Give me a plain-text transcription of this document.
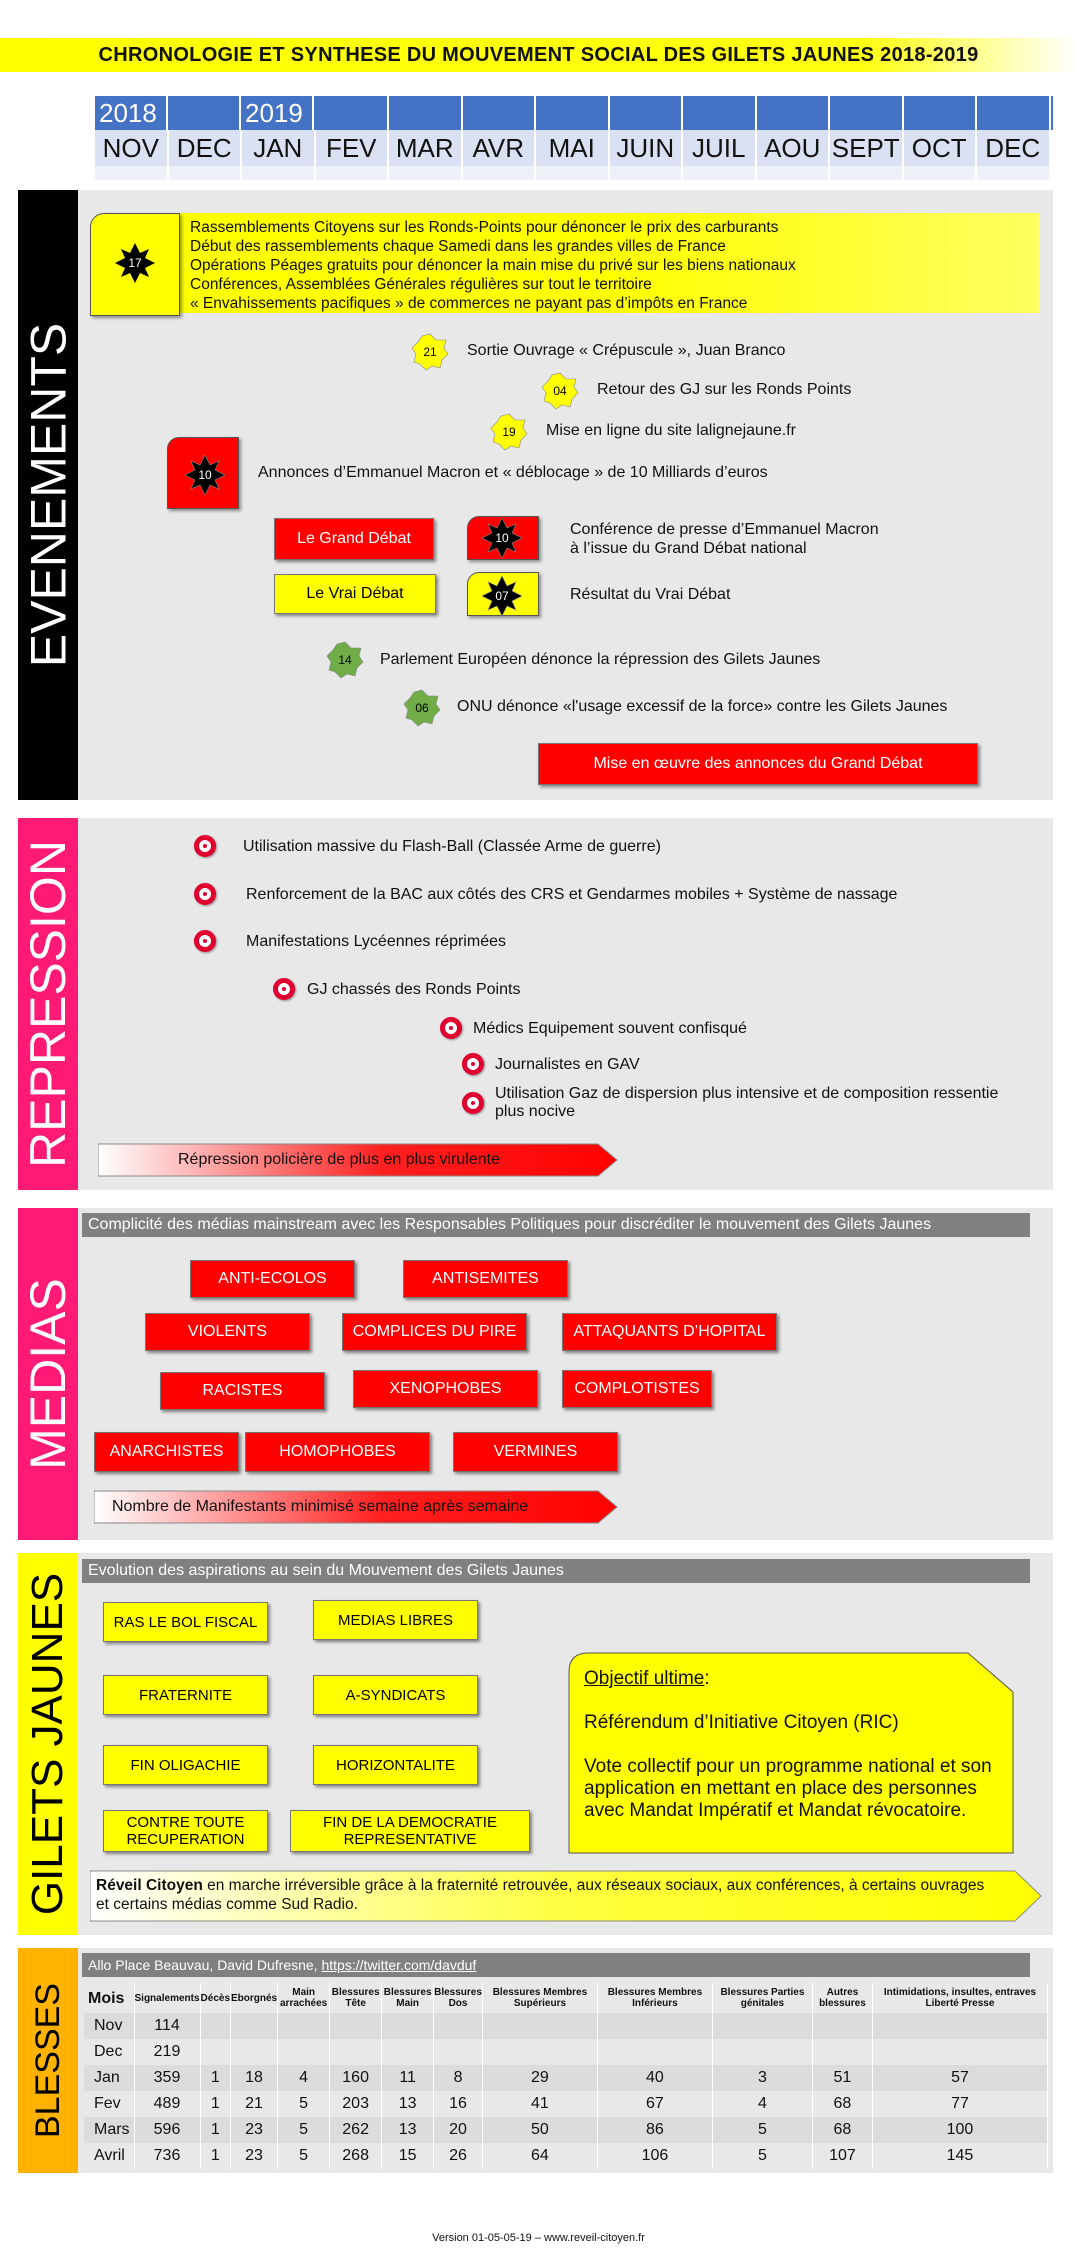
CHRONOLOGIE ET SYNTHESE DU MOUVEMENT SOCIAL DES GILETS JAUNES 2018-2019
2018	2019
NOV DEC JAN FEV MAR AVR MAI JUIN JUIL AOU SEPT OCT DEC
EVENEMENTS
17
Rassemblements Citoyens sur les Ronds-Points pour dénoncer le prix des carburants
Début des rassemblements chaque Samedi dans les grandes villes de France
Opérations Péages gratuits pour dénoncer la main mise du privé sur les biens nationaux
Conférences, Assemblées Générales régulières sur tout le territoire
« Envahissements pacifiques » de commerces ne payant pas d’impôts en France
21	Sortie Ouvrage « Crépuscule », Juan Branco
04	Retour des GJ sur les Ronds Points
19	Mise en ligne du site lalignejaune.fr
10	Annonces d’Emmanuel Macron et « déblocage » de 10 Milliards d’euros
10	Conférence de presse d’Emmanuel Macron
à l’issue du Grand Débat national
07	Résultat du Vrai Débat
14	Parlement Européen dénonce la répression des Gilets Jaunes
06	ONU dénonce «l'usage excessif de la force» contre les Gilets Jaunes
Le Grand Débat
Le Vrai Débat
Mise en œuvre des annonces du Grand Débat
REPRESSION	Utilisation massive du Flash-Ball (Classée Arme de guerre)
Renforcement de la BAC aux côtés des CRS et Gendarmes mobiles + Système de nassage
Manifestations Lycéennes réprimées
GJ chassés des Ronds Points
Médics Equipement souvent confisqué
Journalistes en GAV
Utilisation Gaz de dispersion plus intensive et de composition ressentie
plus nocive
Répression policière de plus en plus virulente
MEDIAS
Complicité des médias mainstream avec les Responsables Politiques pour discréditer le mouvement des Gilets Jaunes
ANTI-ECOLOS	ANTISEMITES
VIOLENTS	COMPLICES DU PIRE	ATTAQUANTS D’HOPITAL
RACISTES	XENOPHOBES	COMPLOTISTES
ANARCHISTES	HOMOPHOBES	VERMINES
Nombre de Manifestants minimisé semaine après semaine
GILETS JAUNES
Evolution des aspirations au sein du Mouvement des Gilets Jaunes
RAS LE BOL FISCAL	MEDIAS LIBRES
FRATERNITE	A-SYNDICATS
FIN OLIGACHIE	HORIZONTALITE
CONTRE TOUTE
RECUPERATION
FIN DE LA DEMOCRATIE
REPRESENTATIVE
Objectif ultime:
Référendum d’Initiative Citoyen (RIC)
Vote collectif pour un programme national et son application en mettant en place des personnes avec Mandat Impératif et Mandat révocatoire.
Réveil Citoyen en marche irréversible grâce à la fraternité retrouvée, aux réseaux sociaux, aux conférences, à certains ouvrages et certains médias comme Sud Radio.
BLESSES
Allo Place Beauvau, David Dufresne, https://twitter.com/davduf
Mois	Signalements	Décès	Eborgnés	Main arrachées	Blessures Tête	Blessures Main	Blessures Dos	Blessures Membres Supérieurs	Blessures Membres Inférieurs	Blessures Parties génitales	Autres blessures	Intimidations, insultes, entraves Liberté Presse
Nov	114											
Dec	219											
Jan	359	1	18	4	160	11	8	29	40	3	51	57
Fev	489	1	21	5	203	13	16	41	67	4	68	77
Mars	596	1	23	5	262	13	20	50	86	5	68	100
Avril	736	1	23	5	268	15	26	64	106	5	107	145
Version 01-05-05-19 – www.reveil-citoyen.fr
